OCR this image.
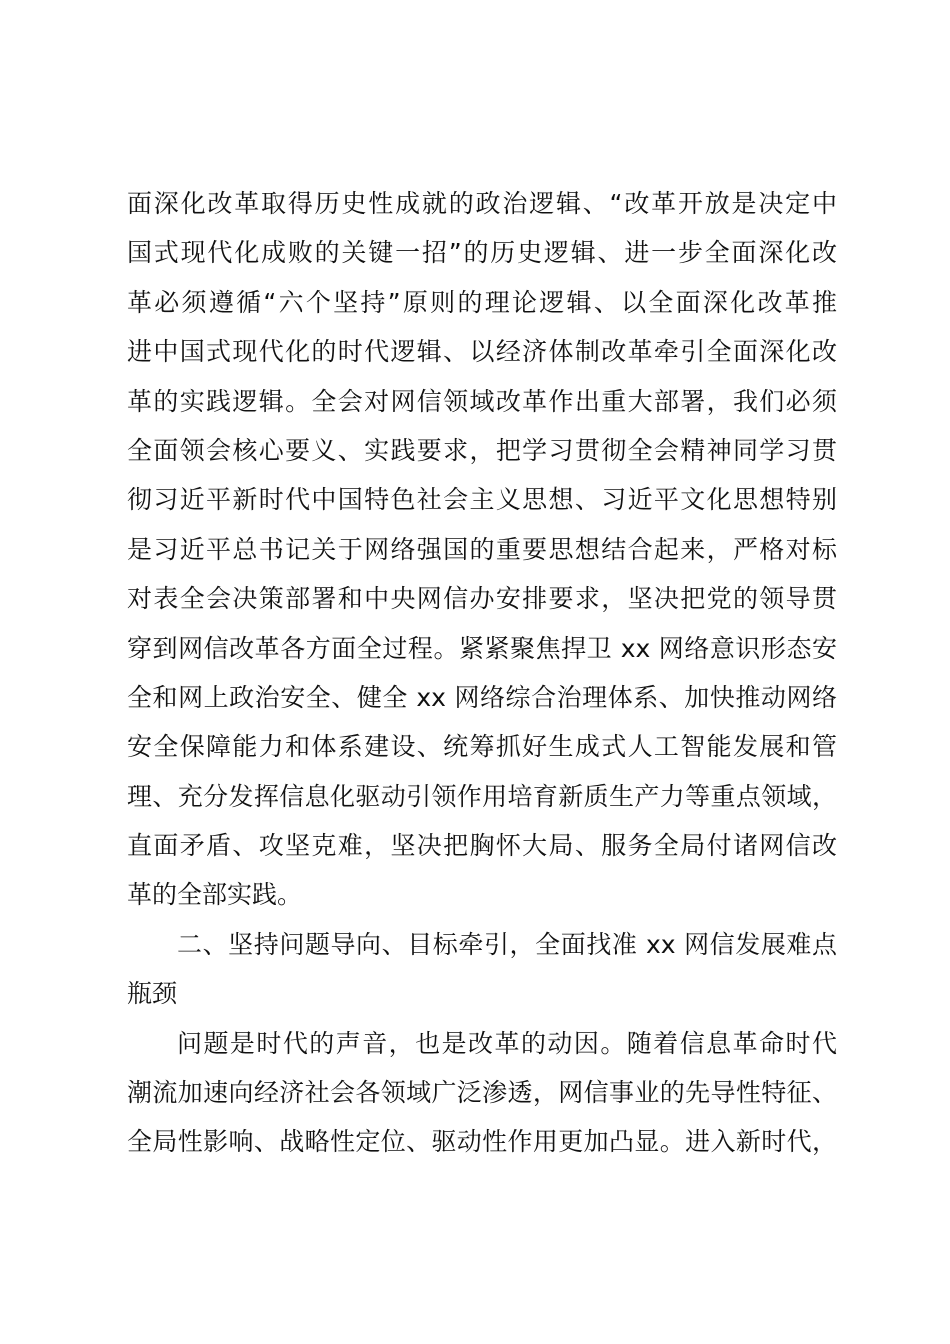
面深化改革取得历史性成就的政治逻辑、“改革开放是决定中
国式现代化成败的关键一招”的历史逻辑、进一步全面深化改
革必须遵循“六个坚持”原则的理论逻辑、以全面深化改革推
进中国式现代化的时代逻辑、以经济体制改革牵引全面深化改
革的实践逻辑。全会对网信领域改革作出重大部署，我们必须
全面领会核心要义、实践要求，把学习贯彻全会精神同学习贯
彻习近平新时代中国特色社会主义思想、习近平文化思想特别
是习近平总书记关于网络强国的重要思想结合起来，严格对标
对表全会决策部署和中央网信办安排要求，坚决把党的领导贯
穿到网信改革各方面全过程。紧紧聚焦捍卫 xx 网络意识形态安
全和网上政治安全、健全 xx 网络综合治理体系、加快推动网络
安全保障能力和体系建设、统筹抓好生成式人工智能发展和管
理、充分发挥信息化驱动引领作用培育新质生产力等重点领域，
直面矛盾、攻坚克难，坚决把胸怀大局、服务全局付诸网信改
革的全部实践。
二、坚持问题导向、目标牵引，全面找准 xx 网信发展难点
瓶颈
问题是时代的声音，也是改革的动因。随着信息革命时代
潮流加速向经济社会各领域广泛渗透，网信事业的先导性特征、
全局性影响、战略性定位、驱动性作用更加凸显。进入新时代，
